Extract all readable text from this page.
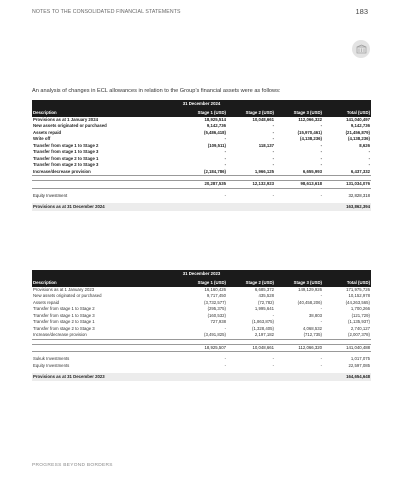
NOTES TO THE CONSOLIDATED FINANCIAL STATEMENTS	183
An analysis of changes in ECL allowances in relation to the Group’s financial assets were as follows:
31 December 2024				
Description	Stage 1 (USD)	Stage 2 (USD)	Stage 3 (USD)	Total (USD)
Provisions as at 1 January 2024	18,925,514	10,048,661	112,066,322	141,040,497
New assets originated or purchased	9,142,736	-	-	9,142,736
Assets repaid	(5,486,418)	-	(15,970,461)	(21,456,879)
Write off	-	-	(4,138,236)	(4,138,236)
Transfer from stage 1 to Stage 2	(109,511)	118,137	-	8,626
Transfer from stage 1 to Stage 3	-	-	-	-
Transfer from stage 2 to Stage 1	-	-	-	-
Transfer from stage 2 to Stage 3	-	-	-	-
Increase/decrease provision	(2,184,786)	1,966,125	6,655,993	6,437,332

	20,287,535	12,132,923	98,613,618	131,034,076

Equity Investment	-	-	-	32,828,318

Provisions as at 31 December 2024				163,862,394
31 December 2023				
Description	Stage 1 (USD)	Stage 2 (USD)	Stage 3 (USD)	Total (USD)
Provisions as at 1 January 2023	16,160,426	6,685,372	149,129,926	171,975,726
New assets originated or purchased	9,717,450	435,528	-	10,152,978
Assets repaid	(3,732,577)	(72,782)	(40,458,206)	(44,263,565)
Transfer from stage 1 to Stage 2	(295,375)	1,995,641	-	1,700,266
Transfer from stage 1 to Stage 3	(160,532)	-	38,803	(121,729)
Transfer from stage 2 to Stage 1	727,938	(1,863,875)	-	(1,135,937)
Transfer from stage 2 to Stage 3	-	(1,328,405)	4,068,532	2,740,127
Increase/decrease provision	(3,491,825)	2,197,182	(712,735)	(2,007,378)

	18,925,507	10,048,661	112,066,320	141,040,488

Sukuk Investments	-	-	-	1,017,075
Equity Investments	-	-	-	22,597,085

Provisions as at 31 December 2023				164,654,648
PROGRESS BEYOND BORDERS
